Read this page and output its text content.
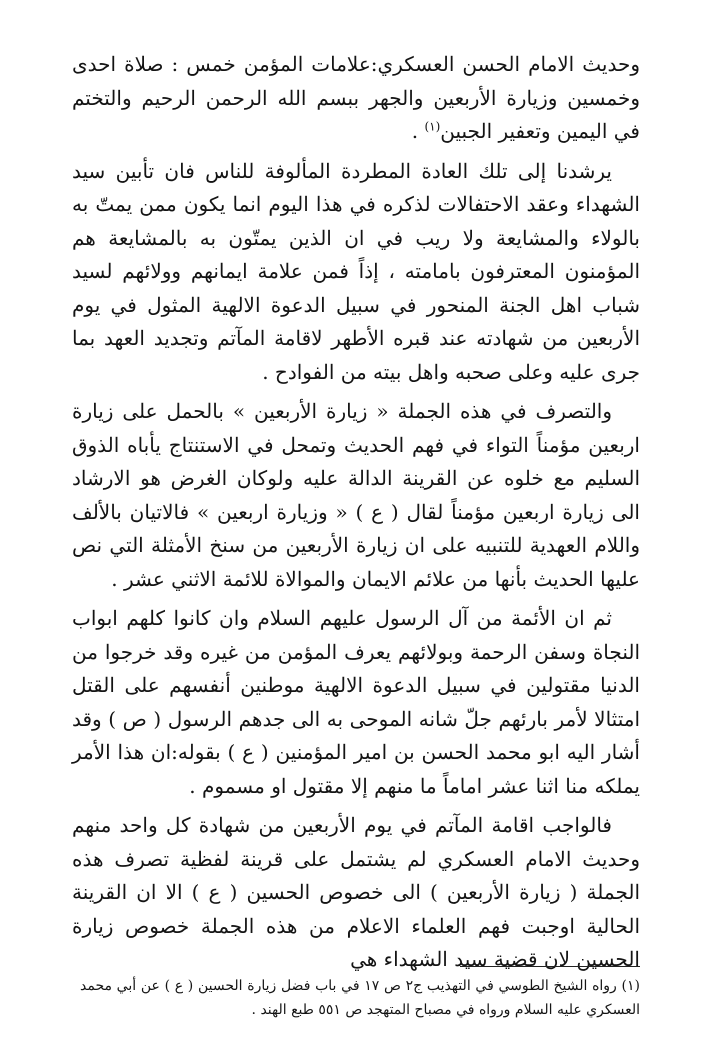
وحديث الامام الحسن العسكري:علامات المؤمن خمس : صلاة احدى وخمسين وزيارة الأربعين والجهر ببسم الله الرحمن الرحيم والتختم في اليمين وتعفير الجبين$^{(١)}$ .

يرشدنا إلى تلك العادة المطردة المألوفة للناس فان تأبين سيد الشهداء وعقد الاحتفالات لذكره في هذا اليوم انما يكون ممن يمتّ به بالولاء والمشايعة ولا ريب في ان الذين يمتّون به بالمشايعة هم المؤمنون المعترفون بامامته ، إذاً فمن علامة ايمانهم وولائهم لسيد شباب اهل الجنة المنحور في سبيل الدعوة الالهية المثول في يوم الأربعين من شهادته عند قبره الأطهر لاقامة المآتم وتجديد العهد بما جرى عليه وعلى صحبه واهل بيته من الفوادح .

والتصرف في هذه الجملة « زيارة الأربعين » بالحمل على زيارة اربعين مؤمناً التواء في فهم الحديث وتمحل في الاستنتاج يأباه الذوق السليم مع خلوه عن القرينة الدالة عليه ولوكان الغرض هو الارشاد الى زيارة اربعين مؤمناً لقال ( ع ) « وزيارة اربعين » فالاتيان بالألف واللام العهدية للتنبيه على ان زيارة الأربعين من سنخ الأمثلة التي نص عليها الحديث بأنها من علائم الايمان والموالاة للائمة الاثني عشر .

ثم ان الأئمة من آل الرسول عليهم السلام وان كانوا كلهم ابواب النجاة وسفن الرحمة وبولائهم يعرف المؤمن من غيره وقد خرجوا من الدنيا مقتولين في سبيل الدعوة الالهية موطنين أنفسهم على القتل امتثالا لأمر بارئهم جلّ شانه الموحى به الى جدهم الرسول ( ص ) وقد أشار اليه ابو محمد الحسن بن امير المؤمنين ( ع ) بقوله:ان هذا الأمر يملكه منا اثنا عشر اماماً ما منهم إلا مقتول او مسموم .

فالواجب اقامة المآتم في يوم الأربعين من شهادة كل واحد منهم وحديث الامام العسكري لم يشتمل على قرينة لفظية تصرف هذه الجملة ( زيارة الأربعين ) الى خصوص الحسين ( ع ) الا ان القرينة الحالية اوجبت فهم العلماء الاعلام من هذه الجملة خصوص زيارة الحسين لان قضية سيد الشهداء هي

(١) رواه الشيخ الطوسي في التهذيب ج٢ ص ١٧ في باب فضل زيارة الحسين ( ع ) عن أبي محمد العسكري عليه السلام ورواه في مصباح المتهجد ص ٥٥١ طبع الهند .
